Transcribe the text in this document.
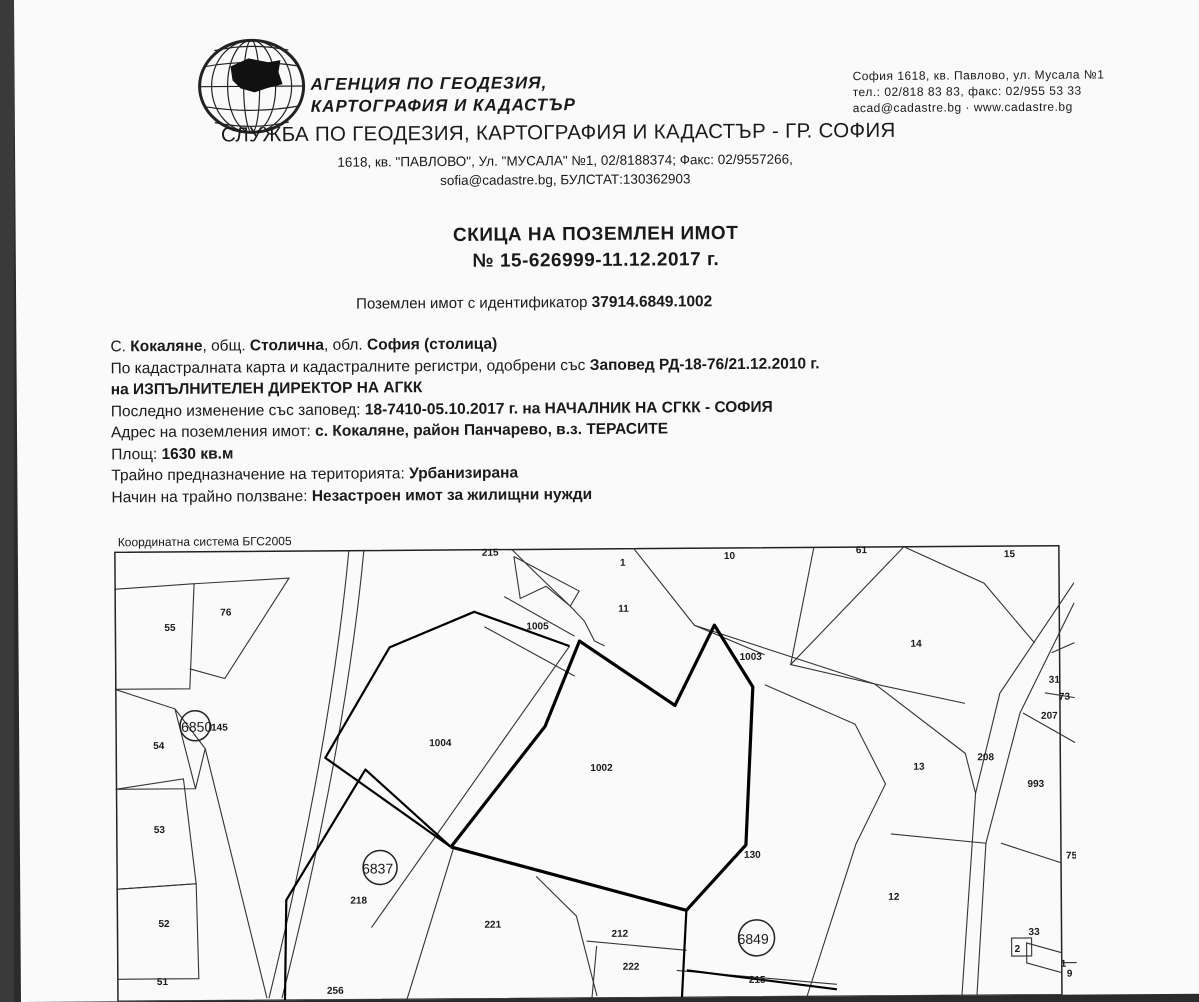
АГЕНЦИЯ ПО ГЕОДЕЗИЯ,
КАРТОГРАФИЯ И КАДАСТЪР
София 1618, кв. Павлово, ул. Мусала №1
тел.: 02/818 83 83, факс: 02/955 53 33
acad@cadastre.bg · www.cadastre.bg
СЛУЖБА ПО ГЕОДЕЗИЯ, КАРТОГРАФИЯ И КАДАСТЪР - ГР. СОФИЯ
1618, кв. "ПАВЛОВО", Ул. "МУСАЛА" №1, 02/8188374; Факс: 02/9557266,
sofia@cadastre.bg, БУЛСТАТ:130362903
СКИЦА НА ПОЗЕМЛЕН ИМОТ
№ 15-626999-11.12.2017 г.
Поземлен имот с идентификатор 37914.6849.1002
С. Кокаляне, общ. Столична, обл. София (столица)
По кадастралната карта и кадастралните регистри, одобрени със Заповед РД-18-76/21.12.2010 г.
на ИЗПЪЛНИТЕЛЕН ДИРЕКТОР НА АГКК
Последно изменение със заповед: 18-7410-05.10.2017 г. на НАЧАЛНИК НА СГКК - СОФИЯ
Адрес на поземления имот: с. Кокаляне, район Панчарево, в.з. ТЕРАСИТЕ
Площ: 1630 кв.м
Трайно предназначение на територията: Урбанизирана
Начин на трайно ползване: Незастроен имот за жилищни нужди
Координатна система БГС2005
215	10
61	15
1
11
55
76
1005
1003
14
31
73
207
6850
145
54	1004
1002	13
208
993
53
75
6837
130
218	12
52	221
212	6849	33
2
1
222
51
256
215
9
